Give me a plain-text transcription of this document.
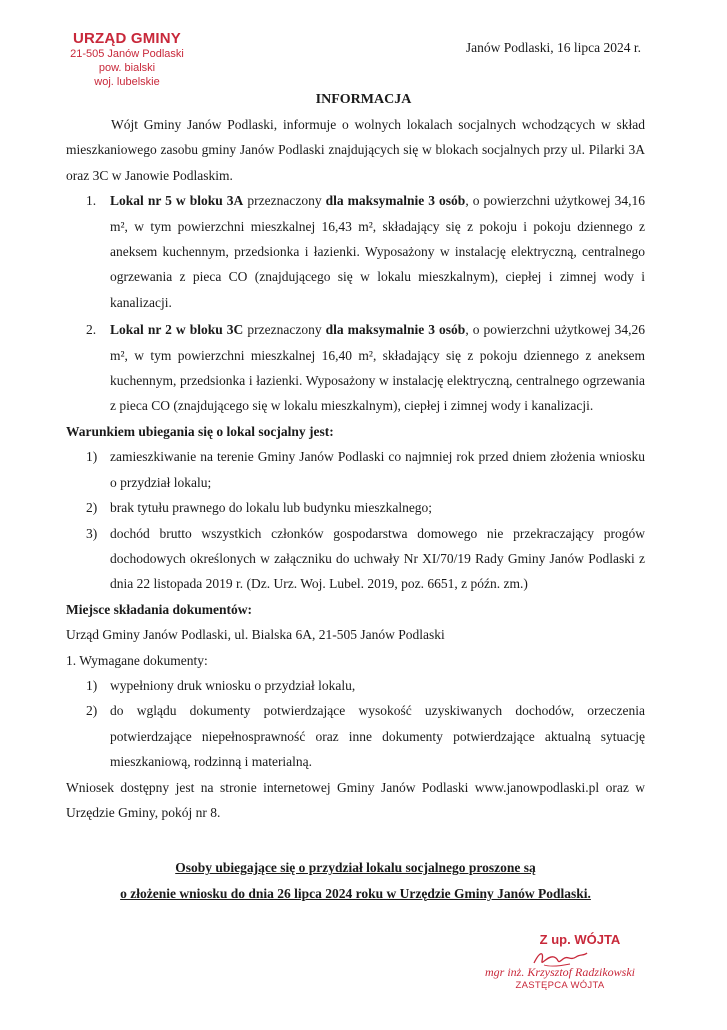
URZĄD GMINY
21-505 Janów Podlaski
pow. bialski
woj. lubelskie
Janów Podlaski, 16 lipca 2024 r.
INFORMACJA

Wójt Gminy Janów Podlaski, informuje o wolnych lokalach socjalnych wchodzących w skład mieszkaniowego zasobu gminy Janów Podlaski znajdujących się w blokach socjalnych przy ul. Pilarki 3A oraz 3C w Janowie Podlaskim.

1. Lokal nr 5 w bloku 3A przeznaczony dla maksymalnie 3 osób, o powierzchni użytkowej 34,16 m², w tym powierzchni mieszkalnej 16,43 m², składający się z pokoju i pokoju dziennego z aneksem kuchennym, przedsionka i łazienki. Wyposażony w instalację elektryczną, centralnego ogrzewania z pieca CO (znajdującego się w lokalu mieszkalnym), ciepłej i zimnej wody i kanalizacji.
2. Lokal nr 2 w bloku 3C przeznaczony dla maksymalnie 3 osób, o powierzchni użytkowej 34,26 m², w tym powierzchni mieszkalnej 16,40 m², składający się z pokoju dziennego z aneksem kuchennym, przedsionka i łazienki. Wyposażony w instalację elektryczną, centralnego ogrzewania z pieca CO (znajdującego się w lokalu mieszkalnym), ciepłej i zimnej wody i kanalizacji.

Warunkiem ubiegania się o lokal socjalny jest:

1) zamieszkiwanie na terenie Gminy Janów Podlaski co najmniej rok przed dniem złożenia wniosku o przydział lokalu;
2) brak tytułu prawnego do lokalu lub budynku mieszkalnego;
3) dochód brutto wszystkich członków gospodarstwa domowego nie przekraczający progów dochodowych określonych w załączniku do uchwały Nr XI/70/19 Rady Gminy Janów Podlaski z dnia 22 listopada 2019 r. (Dz. Urz. Woj. Lubel. 2019, poz. 6651, z późn. zm.)

Miejsce składania dokumentów:

Urząd Gminy Janów Podlaski, ul. Bialska 6A, 21-505 Janów Podlaski

1. Wymagane dokumenty:

1) wypełniony druk wniosku o przydział lokalu,
2) do wglądu dokumenty potwierdzające wysokość uzyskiwanych dochodów, orzeczenia potwierdzające niepełnosprawność oraz inne dokumenty potwierdzające aktualną sytuację mieszkaniową, rodzinną i materialną.

Wniosek dostępny jest na stronie internetowej Gminy Janów Podlaski www.janowpodlaski.pl oraz w Urzędzie Gminy, pokój nr 8.

Osoby ubiegające się o przydział lokalu socjalnego proszone są
o złożenie wniosku do dnia 26 lipca 2024 roku w Urzędzie Gminy Janów Podlaski.
Z up. WÓJTA
mgr inż. Krzysztof Radzikowski
ZASTĘPCA WÓJTA
